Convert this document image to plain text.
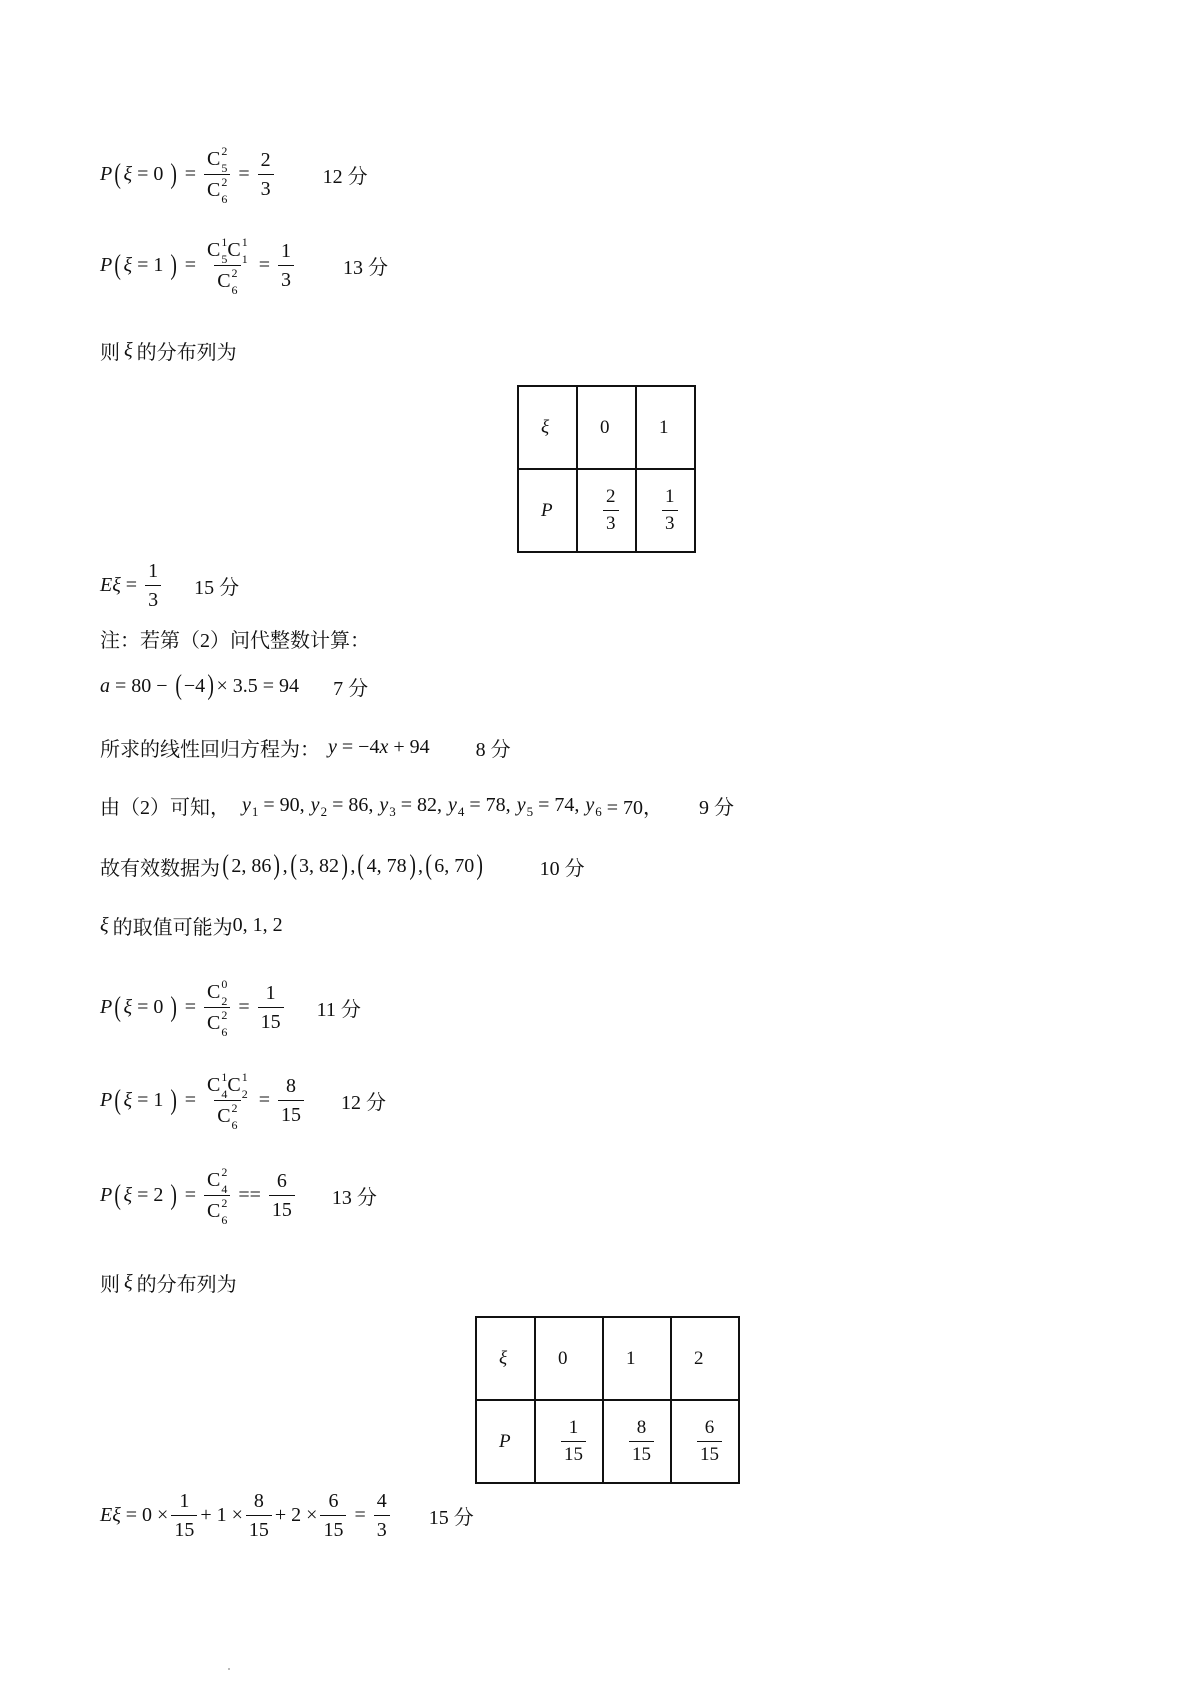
P ( ξ = 0 ) = C 2
5
C 2
$6 = \frac{2}{3} 12$ 分
P ( ξ = 1 ) = C 1
5 C 1
1
C 2
$6 = \frac{1}{3} 13$ 分
则 ξ 的分布列为
ξ	0	1
P	$\frac{2}{3}$	$\frac{1}{3}$
$E\xi = \frac{1}{3} 15$ 分
注：若第（2）问代整数计算：
a = 80 − ( −4 ) × 3.5 = 94 7 分
所求的线性回归方程为： y = −4 x + 94 8 分
由（2）可知， y 1 = 90, y 2 = 86, y 3 = 82, y 4 = 78, y 5 = 74, y 6 = 70， 9 分
故有效数据为 ( 2, 86 ) , ( 3, 82 ) , ( 4, 78 ) , ( 6, 70 )	10 分
ξ 的取值可能为 0, 1, 2
P ( ξ = 0 ) = C 0
2
C 2
$6 = \frac{1}{15} 11$ 分
P ( ξ = 1 ) = C 1
4 C 1
2
C 2
$6 = \frac{8}{15} 12$ 分
P ( ξ = 2 ) = C 2
4
C 2
$6 == \frac{6}{15} 13$ 分
则 ξ 的分布列为
ξ	0	1	2
P	$\frac{1}{15}$	$\frac{8}{15}$	$\frac{6}{15}$
$E\xi = 0 \times \frac{1}{15} + 1 \times \frac{8}{15} + 2 \times \frac{6}{15} = \frac{4}{3} 15$ 分
